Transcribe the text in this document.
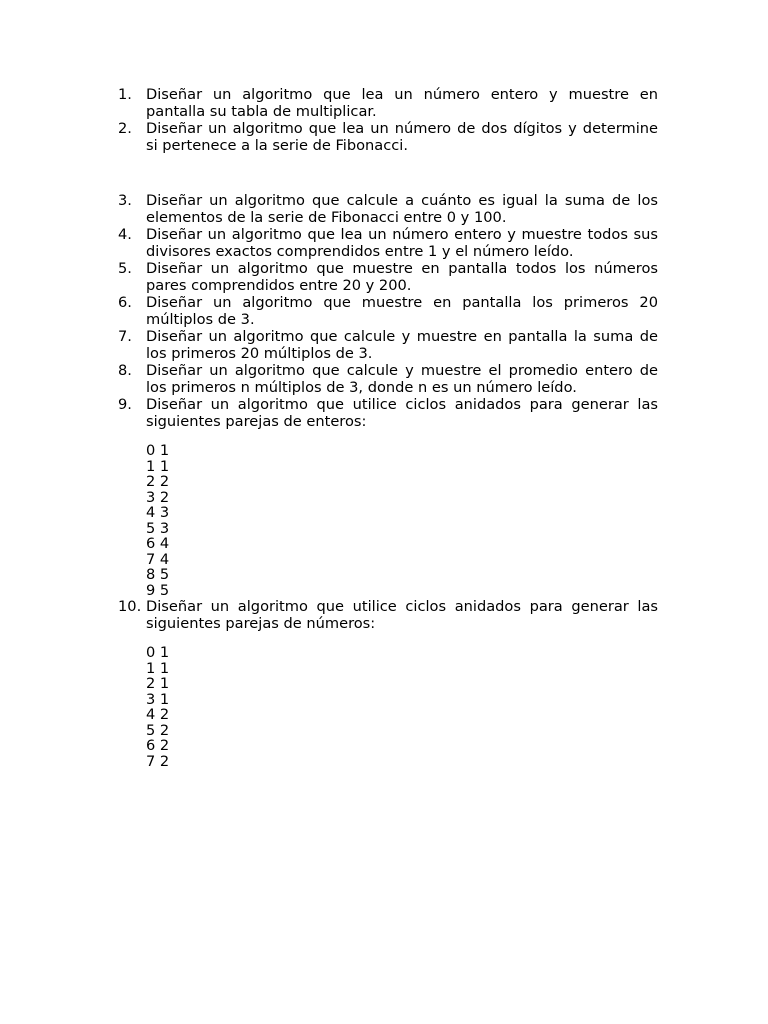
1. Diseñar un algoritmo que lea un número entero y muestre en pantalla su tabla de multiplicar.
2. Diseñar un algoritmo que lea un número de dos dígitos y determine si pertenece a la serie de Fibonacci.
3. Diseñar un algoritmo que calcule a cuánto es igual la suma de los elementos de la serie de Fibonacci entre 0 y 100.
4. Diseñar un algoritmo que lea un número entero y muestre todos sus divisores exactos comprendidos entre 1 y el número leído.
5. Diseñar un algoritmo que muestre en pantalla todos los números pares comprendidos entre 20 y 200.
6. Diseñar un algoritmo que muestre en pantalla los primeros 20 múltiplos de 3.
7. Diseñar un algoritmo que calcule y muestre en pantalla la suma de los primeros 20 múltiplos de 3.
8. Diseñar un algoritmo que calcule y muestre el promedio entero de los primeros n múltiplos de 3, donde n es un número leído.
9. Diseñar un algoritmo que utilice ciclos anidados para generar las siguientes parejas de enteros:
0 1
1 1
2 2
3 2
4 3
5 3
6 4
7 4
8 5
9 5
10. Diseñar un algoritmo que utilice ciclos anidados para generar las siguientes parejas de números:
0 1
1 1
2 1
3 1
4 2
5 2
6 2
7 2
